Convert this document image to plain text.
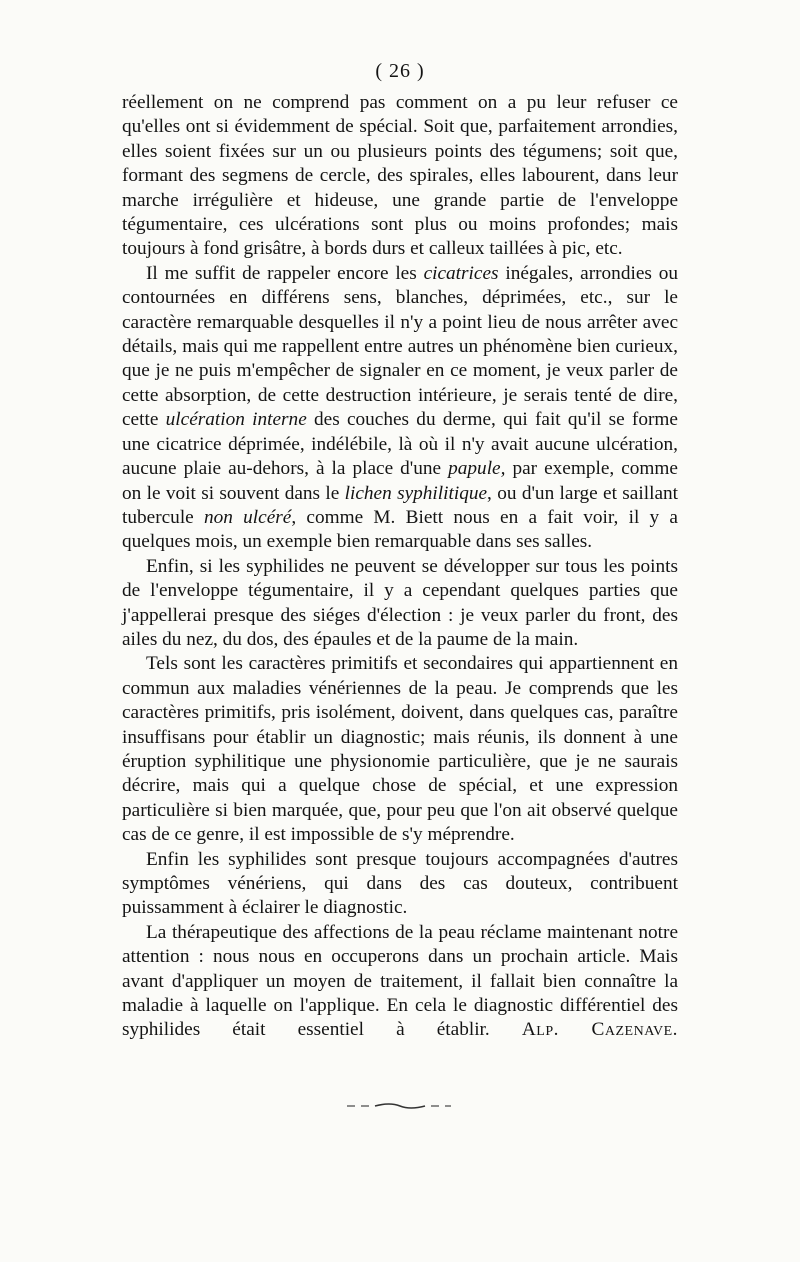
( 26 )

réellement on ne comprend pas comment on a pu leur refuser ce qu'elles ont si évidemment de spécial. Soit que, parfaitement arrondies, elles soient fixées sur un ou plusieurs points des tégumens; soit que, formant des segmens de cercle, des spirales, elles labourent, dans leur marche irrégulière et hideuse, une grande partie de l'enveloppe tégumentaire, ces ulcérations sont plus ou moins profondes; mais toujours à fond grisâtre, à bords durs et calleux taillées à pic, etc.

Il me suffit de rappeler encore les cicatrices inégales, arrondies ou contournées en différens sens, blanches, déprimées, etc., sur le caractère remarquable desquelles il n'y a point lieu de nous arrêter avec détails, mais qui me rappellent entre autres un phénomène bien curieux, que je ne puis m'empêcher de signaler en ce moment, je veux parler de cette absorption, de cette destruction intérieure, je serais tenté de dire, cette ulcération interne des couches du derme, qui fait qu'il se forme une cicatrice déprimée, indélébile, là où il n'y avait aucune ulcération, aucune plaie au-dehors, à la place d'une papule, par exemple, comme on le voit si souvent dans le lichen syphilitique, ou d'un large et saillant tubercule non ulcéré, comme M. Biett nous en a fait voir, il y a quelques mois, un exemple bien remarquable dans ses salles.

Enfin, si les syphilides ne peuvent se développer sur tous les points de l'enveloppe tégumentaire, il y a cependant quelques parties que j'appellerai presque des siéges d'élection : je veux parler du front, des ailes du nez, du dos, des épaules et de la paume de la main.

Tels sont les caractères primitifs et secondaires qui appartiennent en commun aux maladies vénériennes de la peau. Je comprends que les caractères primitifs, pris isolément, doivent, dans quelques cas, paraître insuffisans pour établir un diagnostic; mais réunis, ils donnent à une éruption syphilitique une physionomie particulière, que je ne saurais décrire, mais qui a quelque chose de spécial, et une expression particulière si bien marquée, que, pour peu que l'on ait observé quelque cas de ce genre, il est impossible de s'y méprendre.

Enfin les syphilides sont presque toujours accompagnées d'autres symptômes vénériens, qui dans des cas douteux, contribuent puissamment à éclairer le diagnostic.

La thérapeutique des affections de la peau réclame maintenant notre attention : nous nous en occuperons dans un prochain article. Mais avant d'appliquer un moyen de traitement, il fallait bien connaître la maladie à laquelle on l'applique. En cela le diagnostic différentiel des syphilides était essentiel à établir. Alp. Cazenave.
